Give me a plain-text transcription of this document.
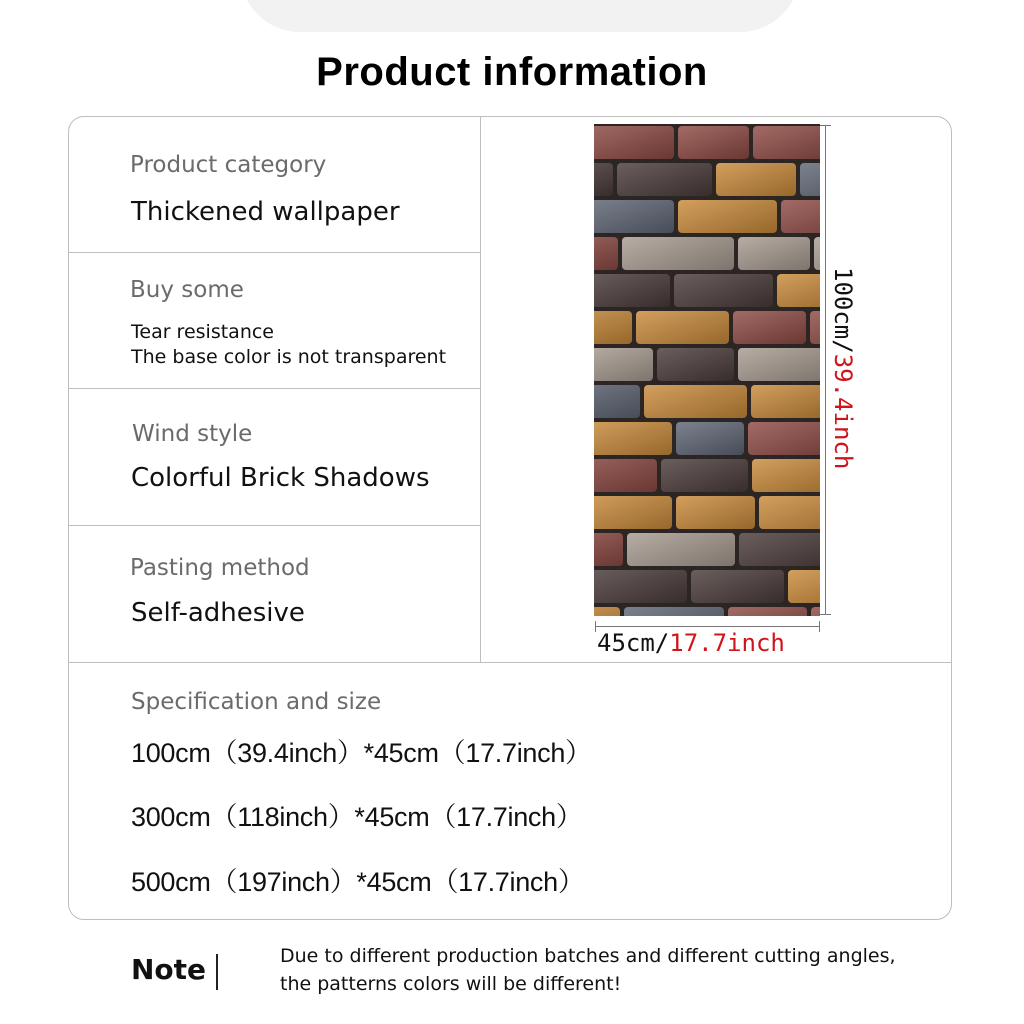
Product information
Product category
Thickened wallpaper
Buy some
Tear resistance
The base color is not transparent
Wind style
Colorful Brick Shadows
Pasting method
Self-adhesive
100cm/39.4inch
45cm/17.7inch
Specification and size
100cm（39.4inch）*45cm（17.7inch）
300cm（118inch）*45cm（17.7inch）
500cm（197inch）*45cm（17.7inch）
Note	Due to different production batches and different cutting angles,
the patterns colors will be different!
